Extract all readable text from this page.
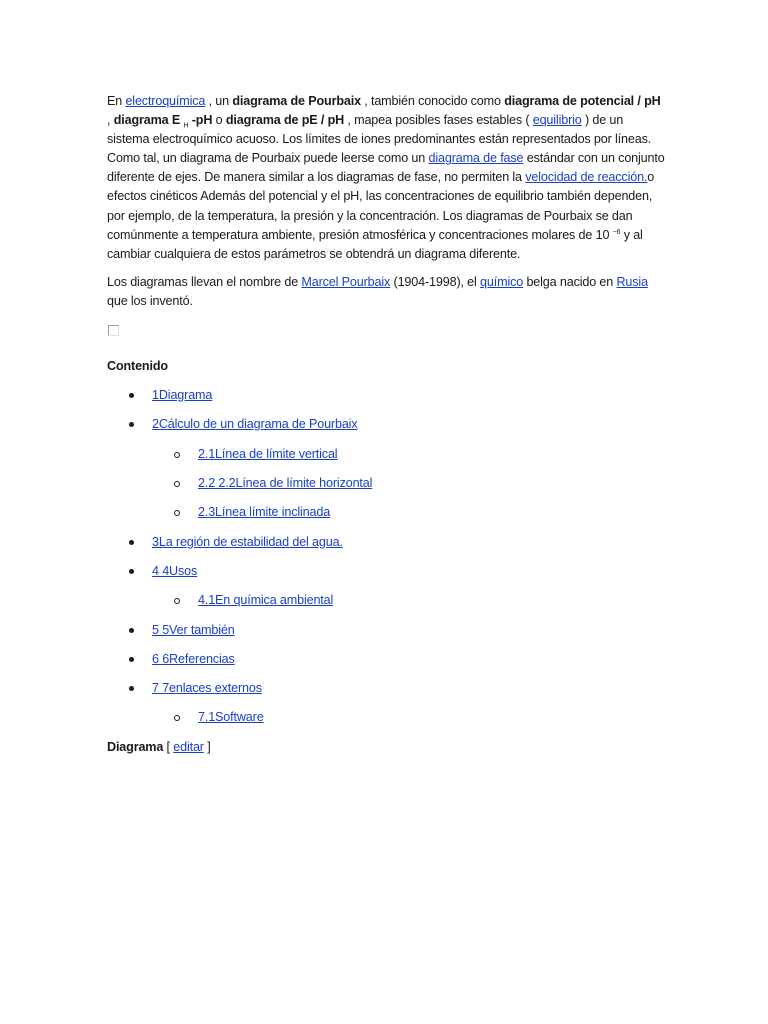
En electroquímica , un diagrama de Pourbaix , también conocido como diagrama de potencial / pH , diagrama E $_H$ -pH o diagrama de pE / pH , mapea posibles fases estables ( equilibrio ) de un sistema electroquímico acuoso. Los límites de iones predominantes están representados por líneas. Como tal, un diagrama de Pourbaix puede leerse como un diagrama de fase estándar con un conjunto diferente de ejes. De manera similar a los diagramas de fase, no permiten la velocidad de reacción.o efectos cinéticos Además del potencial y el pH, las concentraciones de equilibrio también dependen, por ejemplo, de la temperatura, la presión y la concentración. Los diagramas de Pourbaix se dan comúnmente a temperatura ambiente, presión atmosférica y concentraciones molares de 10 $^{-6}$ y al cambiar cualquiera de estos parámetros se obtendrá un diagrama diferente.

Los diagramas llevan el nombre de Marcel Pourbaix (1904-1998), el químico belga nacido en Rusia que los inventó.

Contenido
1Diagrama
2Cálculo de un diagrama de Pourbaix
2.1Línea de límite vertical
2.2 2.2Línea de límite horizontal
2.3Línea límite inclinada
3La región de estabilidad del agua.
4 4Usos
4.1En química ambiental
5 5Ver también
6 6Referencias
7 7enlaces externos
7.1Software
Diagrama [ editar ]
